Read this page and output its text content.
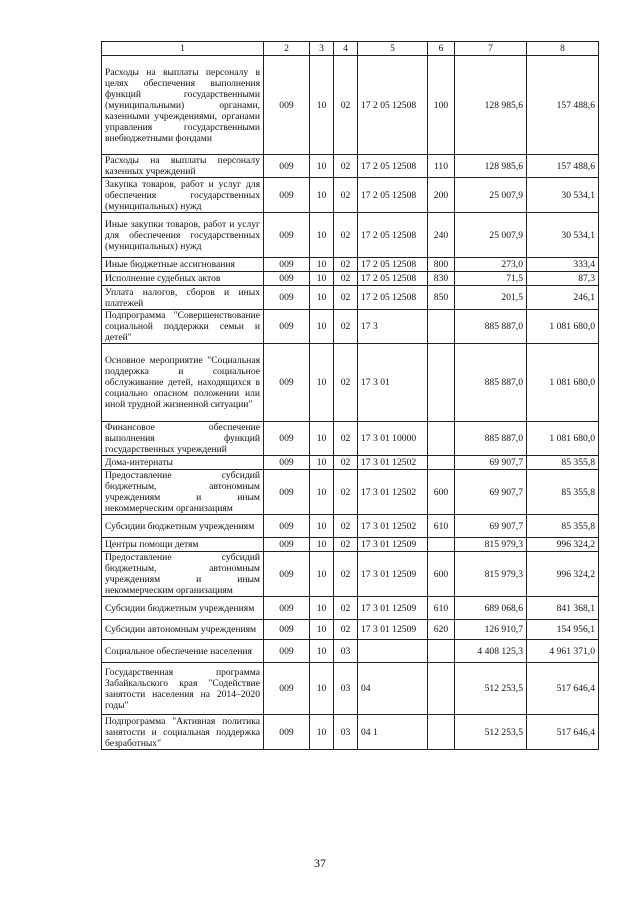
1	2	3	4	5	6	7	8
Расходы на выплаты персоналу в целях обеспечения выполнения функций государственными (муниципальными) органами, казенными учреждениями, органами управления государственными внебюджетными фондами	009	10	02	17 2 05 12508	100	128 985,6	157 488,6
Расходы на выплаты персоналу казенных учреждений	009	10	02	17 2 05 12508	110	128 985,6	157 488,6
Закупка товаров, работ и услуг для обеспечения государственных (муниципальных) нужд	009	10	02	17 2 05 12508	200	25 007,9	30 534,1
Иные закупки товаров, работ и услуг для обеспечения государственных (муниципальных) нужд	009	10	02	17 2 05 12508	240	25 007,9	30 534,1
Иные бюджетные ассигнования	009	10	02	17 2 05 12508	800	273,0	333,4
Исполнение судебных актов	009	10	02	17 2 05 12508	830	71,5	87,3
Уплата налогов, сборов и иных платежей	009	10	02	17 2 05 12508	850	201,5	246,1
Подпрограмма "Совершенствование социальной поддержки семьи и детей"	009	10	02	17 3		885 887,0	1 081 680,0
Основное мероприятие "Социальная поддержка и социальное обслуживание детей, находящихся в социально опасном положении или иной трудной жизненной ситуации"	009	10	02	17 3 01		885 887,0	1 081 680,0
Финансовое обеспечение выполнения функций государственных учреждений	009	10	02	17 3 01 10000		885 887,0	1 081 680,0
Дома-интернаты	009	10	02	17 3 01 12502		69 907,7	85 355,8
Предоставление субсидий бюджетным, автономным учреждениям и иным некоммерческим организациям	009	10	02	17 3 01 12502	600	69 907,7	85 355,8
Субсидии бюджетным учреждениям	009	10	02	17 3 01 12502	610	69 907,7	85 355,8
Центры помощи детям	009	10	02	17 3 01 12509		815 979,3	996 324,2
Предоставление субсидий бюджетным, автономным учреждениям и иным некоммерческим организациям	009	10	02	17 3 01 12509	600	815 979,3	996 324,2
Субсидии бюджетным учреждениям	009	10	02	17 3 01 12509	610	689 068,6	841 368,1
Субсидии автономным учреждениям	009	10	02	17 3 01 12509	620	126 910,7	154 956,1
Социальное обеспечение населения	009	10	03			4 408 125,3	4 961 371,0
Государственная программа Забайкальского края "Содействие занятости населения на 2014–2020 годы"	009	10	03	04		512 253,5	517 646,4
Подпрограмма "Активная политика занятости и социальная поддержка безработных"	009	10	03	04 1		512 253,5	517 646,4
37
